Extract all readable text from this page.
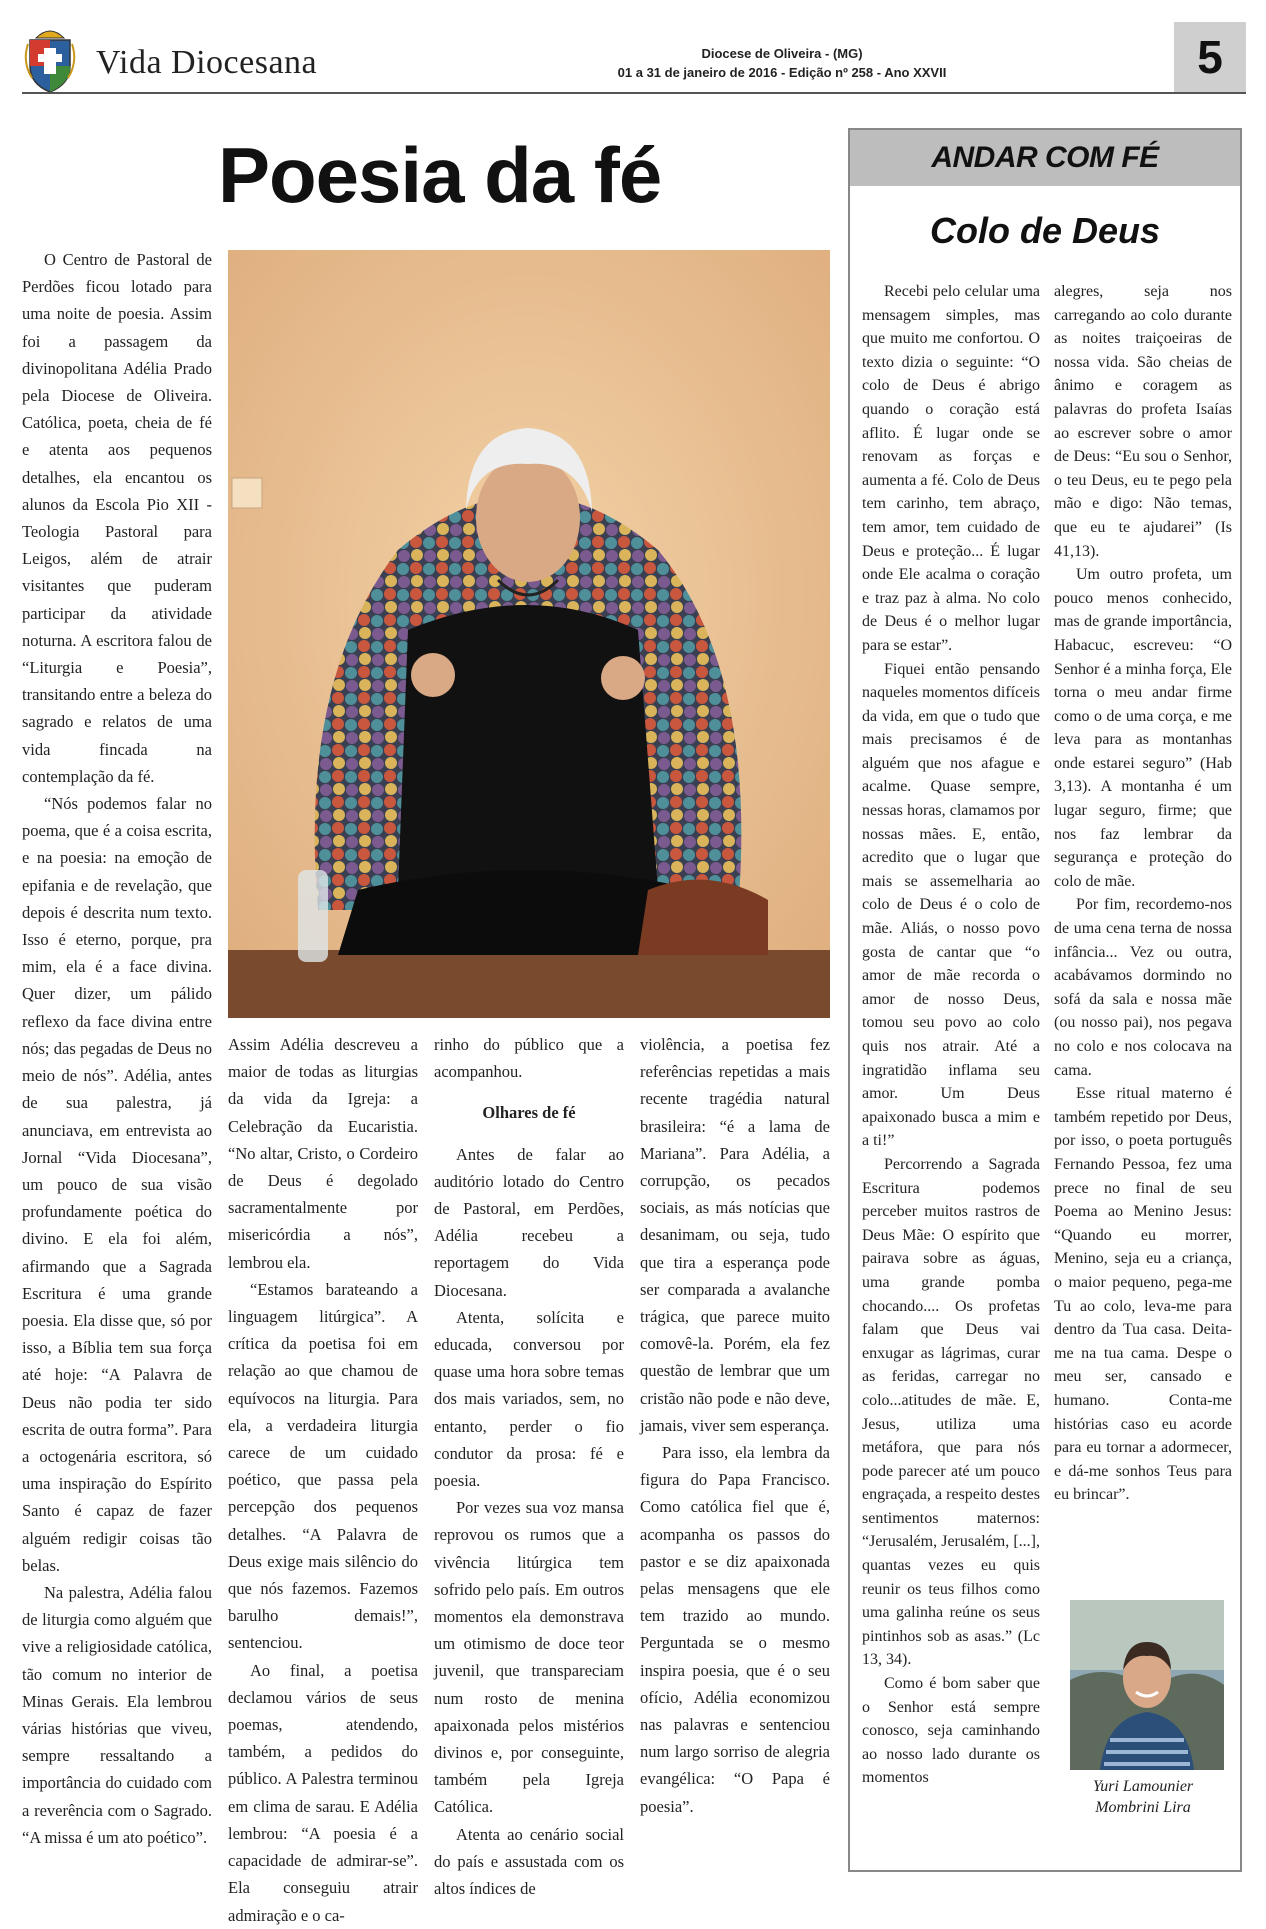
Vida Diocesana	Diocese de Oliveira - (MG)
01 a 31 de janeiro de 2016 - Edição nº 258 - Ano XXVII	5
Poesia da fé

O Centro de Pastoral de Perdões ficou lotado para uma noite de poesia. Assim foi a passagem da divinopolitana Adélia Prado pela Diocese de Oliveira. Católica, poeta, cheia de fé e atenta aos pequenos detalhes, ela encantou os alunos da Escola Pio XII - Teologia Pastoral para Leigos, além de atrair visitantes que puderam participar da atividade noturna. A escritora falou de “Liturgia e Poesia”, transitando entre a beleza do sagrado e relatos de uma vida fincada na contemplação da fé.

“Nós podemos falar no poema, que é a coisa escrita, e na poesia: na emoção de epifania e de revelação, que depois é descrita num texto. Isso é eterno, porque, pra mim, ela é a face divina. Quer dizer, um pálido reflexo da face divina entre nós; das pegadas de Deus no meio de nós”. Adélia, antes de sua palestra, já anunciava, em entrevista ao Jornal “Vida Diocesana”, um pouco de sua visão profundamente poética do divino. E ela foi além, afirmando que a Sagrada Escritura é uma grande poesia. Ela disse que, só por isso, a Bíblia tem sua força até hoje: “A Palavra de Deus não podia ter sido escrita de outra forma”. Para a octogenária escritora, só uma inspiração do Espírito Santo é capaz de fazer alguém redigir coisas tão belas.

Na palestra, Adélia falou de liturgia como alguém que vive a religiosidade católica, tão comum no interior de Minas Gerais. Ela lembrou várias histórias que viveu, sempre ressaltando a importância do cuidado com a reverência com o Sagrado. “A missa é um ato poético”.

Assim Adélia descreveu a maior de todas as liturgias da vida da Igreja: a Celebração da Eucaristia. “No altar, Cristo, o Cordeiro de Deus é degolado sacramentalmente por misericórdia a nós”, lembrou ela.

“Estamos barateando a linguagem litúrgica”. A crítica da poetisa foi em relação ao que chamou de equívocos na liturgia. Para ela, a verdadeira liturgia carece de um cuidado poético, que passa pela percepção dos pequenos detalhes. “A Palavra de Deus exige mais silêncio do que nós fazemos. Fazemos barulho demais!”, sentenciou.

Ao final, a poetisa declamou vários de seus poemas, atendendo, também, a pedidos do público. A Palestra terminou em clima de sarau. E Adélia lembrou: “A poesia é a capacidade de admirar-se”. Ela conseguiu atrair admiração e o ca-

rinho do público que a acompanhou.

Olhares de fé

Antes de falar ao auditório lotado do Centro de Pastoral, em Perdões, Adélia recebeu a reportagem do Vida Diocesana.

Atenta, solícita e educada, conversou por quase uma hora sobre temas dos mais variados, sem, no entanto, perder o fio condutor da prosa: fé e poesia.

Por vezes sua voz mansa reprovou os rumos que a vivência litúrgica tem sofrido pelo país. Em outros momentos ela demonstrava um otimismo de doce teor juvenil, que transpareciam num rosto de menina apaixonada pelos mistérios divinos e, por conseguinte, também pela Igreja Católica.

Atenta ao cenário social do país e assustada com os altos índices de

violência, a poetisa fez referências repetidas a mais recente tragédia natural brasileira: “é a lama de Mariana”. Para Adélia, a corrupção, os pecados sociais, as más notícias que desanimam, ou seja, tudo que tira a esperança pode ser comparada a avalanche trágica, que parece muito comovê-la. Porém, ela fez questão de lembrar que um cristão não pode e não deve, jamais, viver sem esperança.

Para isso, ela lembra da figura do Papa Francisco. Como católica fiel que é, acompanha os passos do pastor e se diz apaixonada pelas mensagens que ele tem trazido ao mundo. Perguntada se o mesmo inspira poesia, que é o seu ofício, Adélia economizou nas palavras e sentenciou num largo sorriso de alegria evangélica: “O Papa é poesia”.

ANDAR COM FÉ
Colo de Deus

Recebi pelo celular uma mensagem simples, mas que muito me confortou. O texto dizia o seguinte: “O colo de Deus é abrigo quando o coração está aflito. É lugar onde se renovam as forças e aumenta a fé. Colo de Deus tem carinho, tem abraço, tem amor, tem cuidado de Deus e proteção... É lugar onde Ele acalma o coração e traz paz à alma. No colo de Deus é o melhor lugar para se estar”.

Fiquei então pensando naqueles momentos difíceis da vida, em que o tudo que mais precisamos é de alguém que nos afague e acalme. Quase sempre, nessas horas, clamamos por nossas mães. E, então, acredito que o lugar que mais se assemelharia ao colo de Deus é o colo de mãe. Aliás, o nosso povo gosta de cantar que “o amor de mãe recorda o amor de nosso Deus, tomou seu povo ao colo quis nos atrair. Até a ingratidão inflama seu amor. Um Deus apaixonado busca a mim e a ti!”

Percorrendo a Sagrada Escritura podemos perceber muitos rastros de Deus Mãe: O espírito que pairava sobre as águas, uma grande pomba chocando.... Os profetas falam que Deus vai enxugar as lágrimas, curar as feridas, carregar no colo...atitudes de mãe. E, Jesus, utiliza uma metáfora, que para nós pode parecer até um pouco engraçada, a respeito destes sentimentos maternos: “Jerusalém, Jerusalém, [...], quantas vezes eu quis reunir os teus filhos como uma galinha reúne os seus pintinhos sob as asas.” (Lc 13, 34).

Como é bom saber que o Senhor está sempre conosco, seja caminhando ao nosso lado durante os momentos

alegres, seja nos carregando ao colo durante as noites traiçoeiras de nossa vida. São cheias de ânimo e coragem as palavras do profeta Isaías ao escrever sobre o amor de Deus: “Eu sou o Senhor, o teu Deus, eu te pego pela mão e digo: Não temas, que eu te ajudarei” (Is 41,13).

Um outro profeta, um pouco menos conhecido, mas de grande importância, Habacuc, escreveu: “O Senhor é a minha força, Ele torna o meu andar firme como o de uma corça, e me leva para as montanhas onde estarei seguro” (Hab 3,13). A montanha é um lugar seguro, firme; que nos faz lembrar da segurança e proteção do colo de mãe.

Por fim, recordemo-nos de uma cena terna de nossa infância... Vez ou outra, acabávamos dormindo no sofá da sala e nossa mãe (ou nosso pai), nos pegava no colo e nos colocava na cama.

Esse ritual materno é também repetido por Deus, por isso, o poeta português Fernando Pessoa, fez uma prece no final de seu Poema ao Menino Jesus: “Quando eu morrer, Menino, seja eu a criança, o maior pequeno, pega-me Tu ao colo, leva-me para dentro da Tua casa. Deita-me na tua cama. Despe o meu ser, cansado e humano. Conta-me histórias caso eu acorde para eu tornar a adormecer, e dá-me sonhos Teus para eu brincar”.

Yuri Lamounier
Mombrini Lira
